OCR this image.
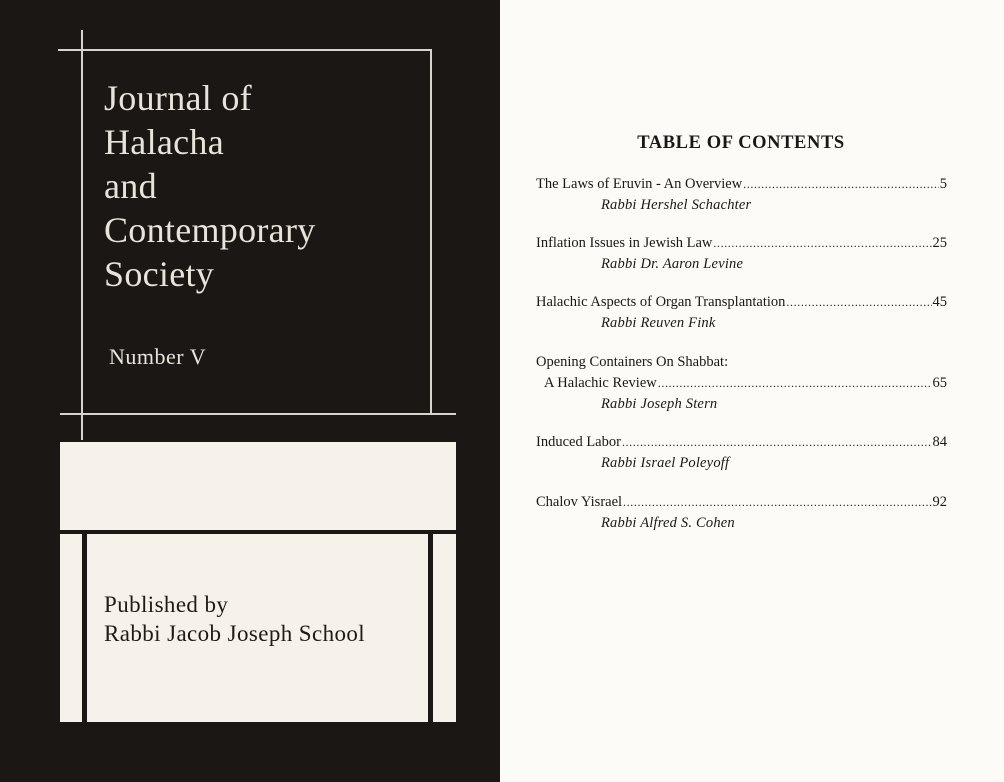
Journal of
Halacha
and
Contemporary
Society
Number V
Published by
Rabbi Jacob Joseph School
TABLE OF CONTENTS
The Laws of Eruvin - An Overview .....	5
Rabbi Hershel Schachter
Inflation Issues in Jewish Law .....	25
Rabbi Dr. Aaron Levine
Halachic Aspects of Organ Transplantation .....	45
Rabbi Reuven Fink
Opening Containers On Shabbat:
A Halachic Review .....	65
Rabbi Joseph Stern
Induced Labor .....	84
Rabbi Israel Poleyoff
Chalov Yisrael .....	92
Rabbi Alfred S. Cohen
